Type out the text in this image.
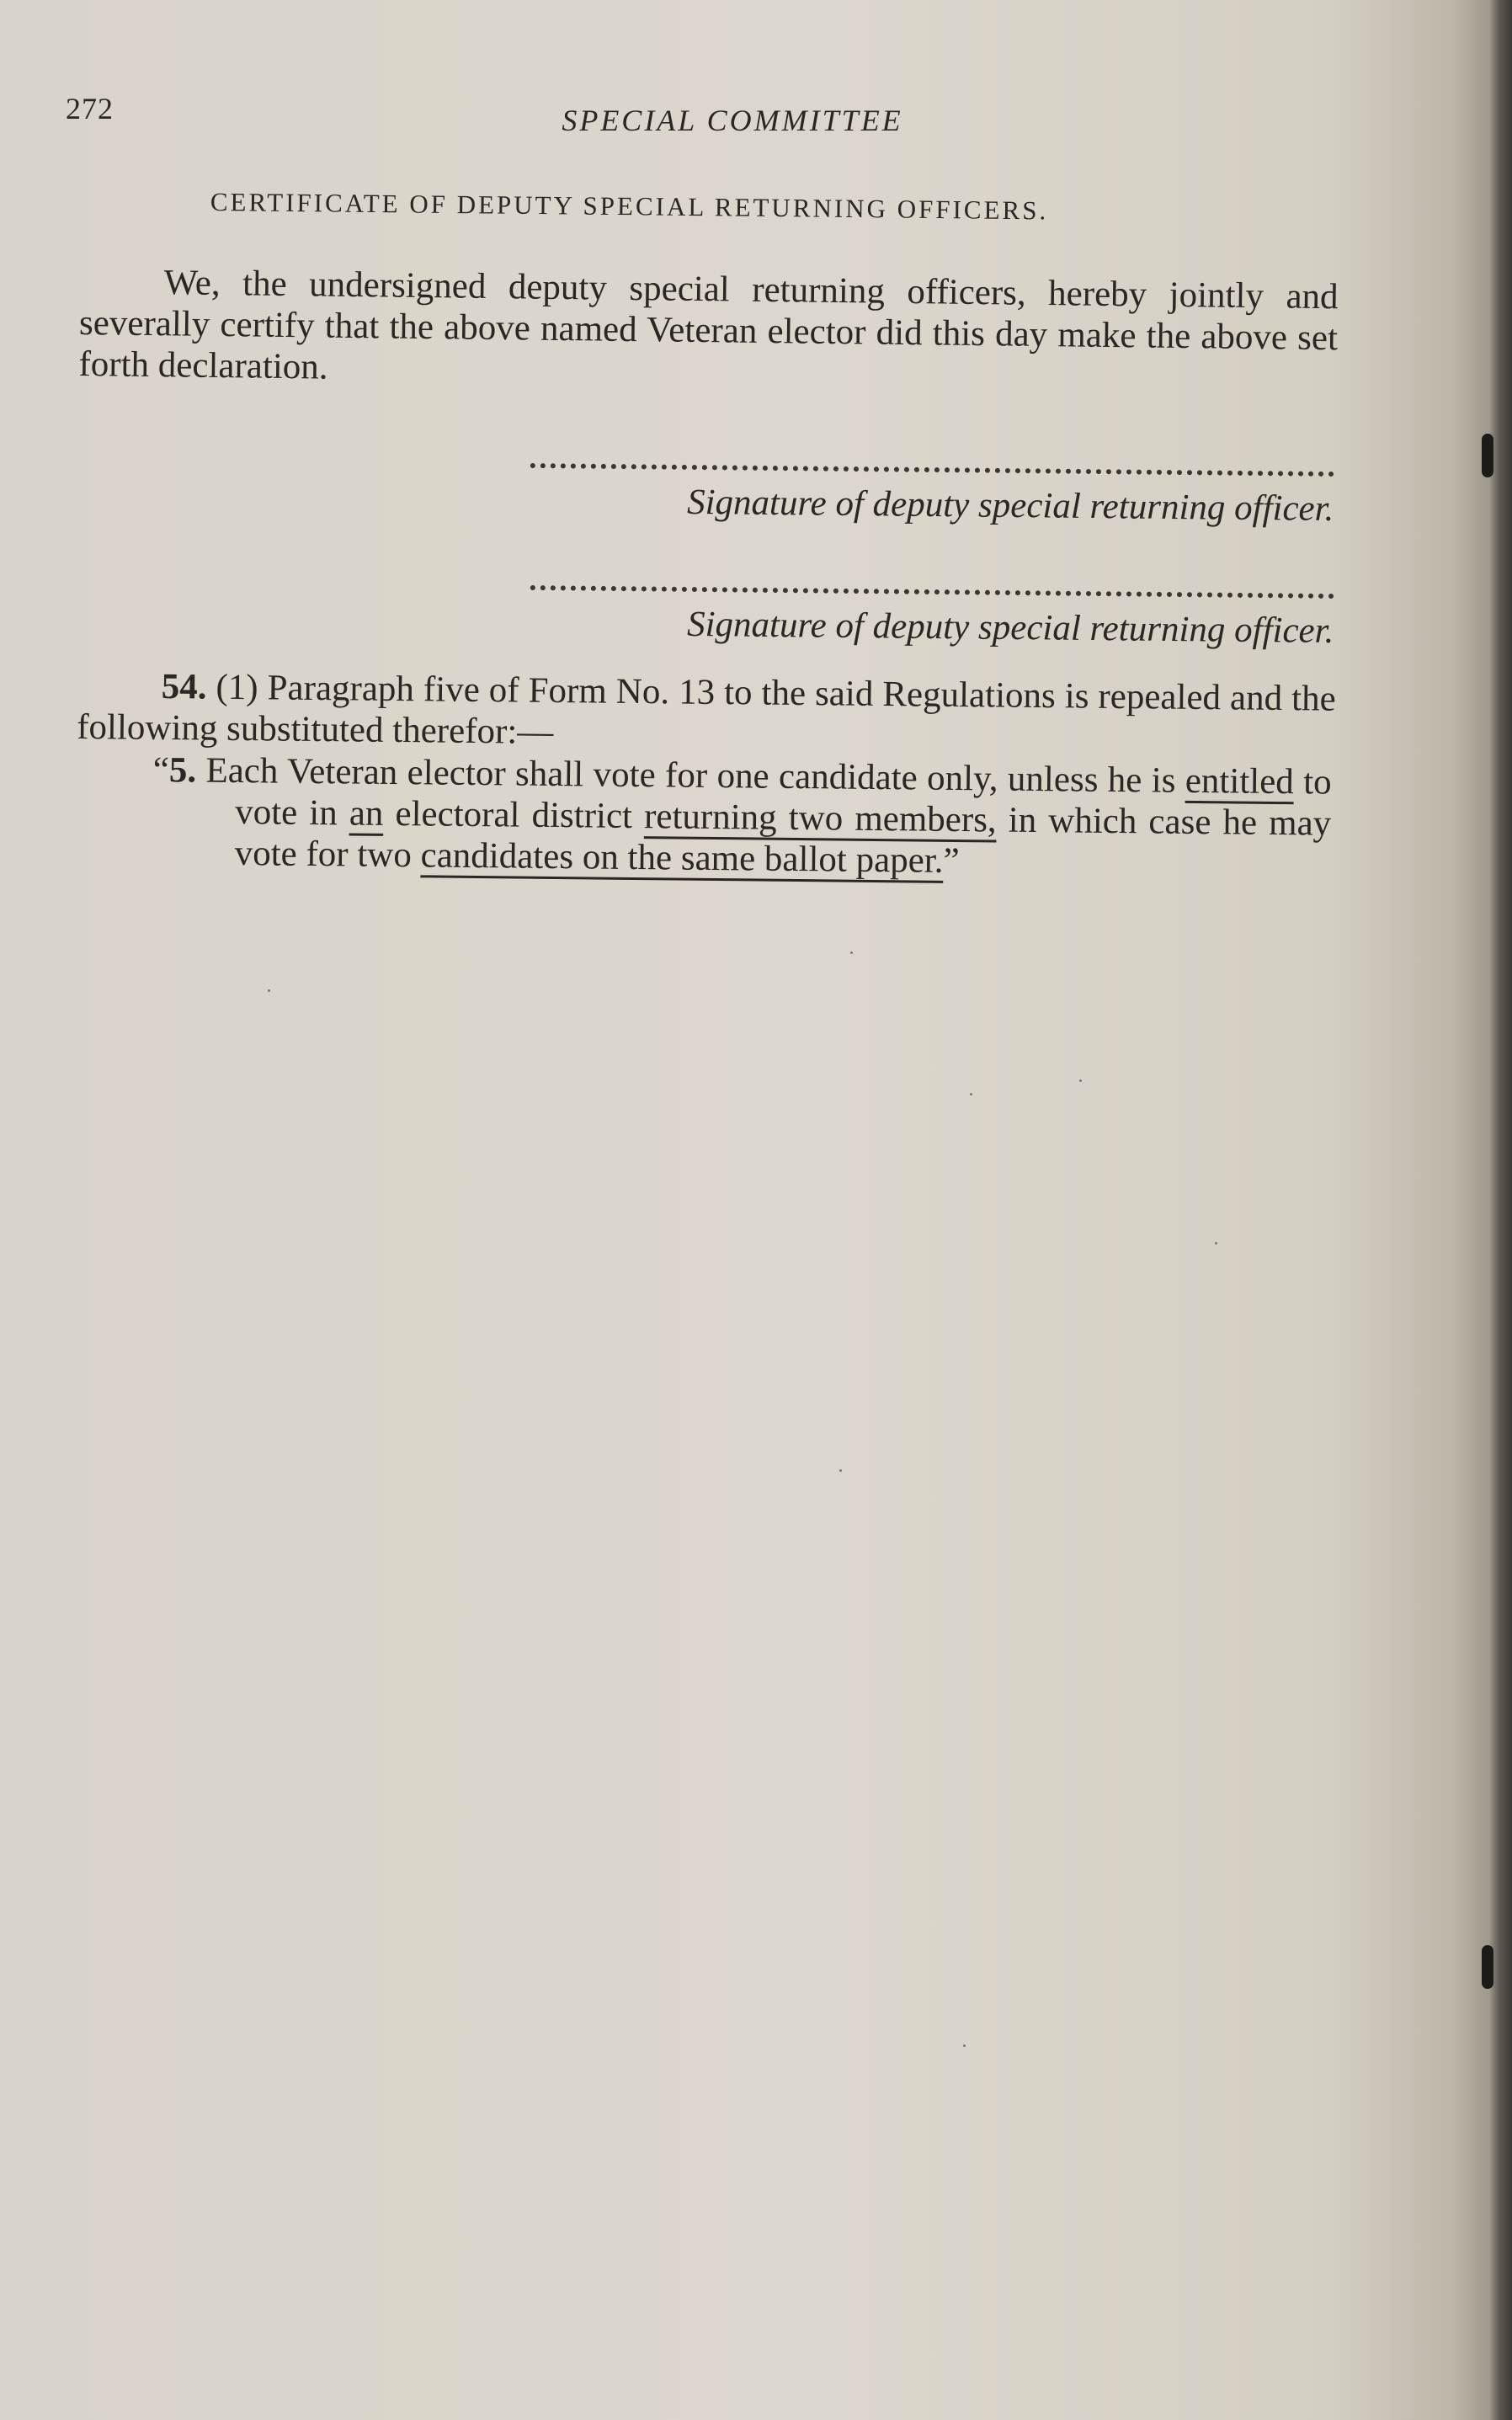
272	SPECIAL COMMITTEE
CERTIFICATE OF DEPUTY SPECIAL RETURNING OFFICERS.
We, the undersigned deputy special returning officers, hereby jointly and severally certify that the above named Veteran elector did this day make the above set forth declaration.
Signature of deputy special returning officer.
Signature of deputy special returning officer.
54. (1) Paragraph five of Form No. 13 to the said Regulations is repealed and the following substituted therefor:—
“5. Each Veteran elector shall vote for one candidate only, unless he is entitled to vote in an electoral district returning two members, in which case he may vote for two candidates on the same ballot paper.”
